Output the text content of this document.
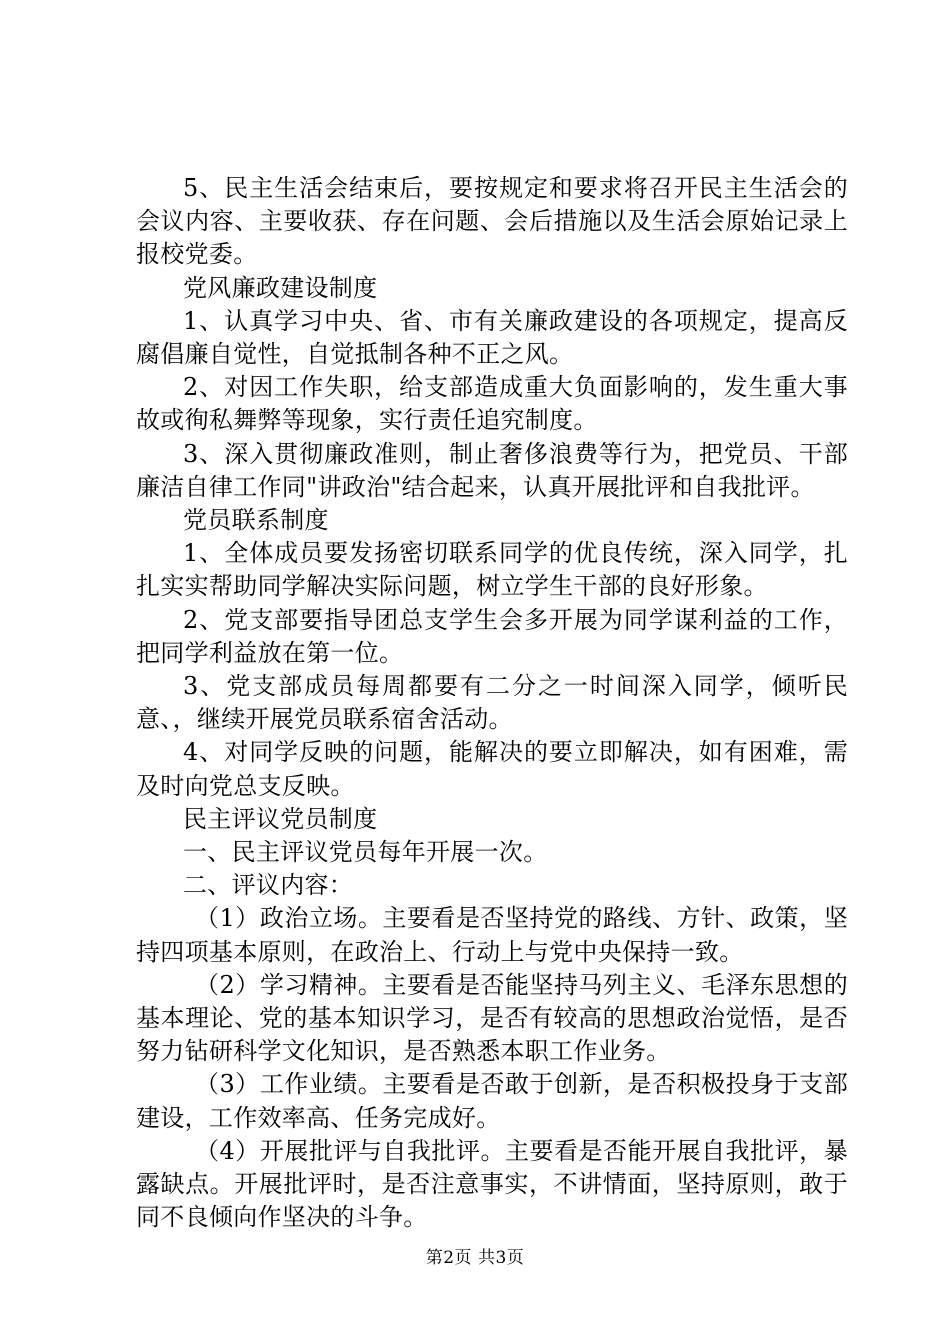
5、民主生活会结束后，要按规定和要求将召开民主生活会的会议内容、主要收获、存在问题、会后措施以及生活会原始记录上报校党委。

党风廉政建设制度

1、认真学习中央、省、市有关廉政建设的各项规定，提高反腐倡廉自觉性，自觉抵制各种不正之风。

2、对因工作失职，给支部造成重大负面影响的，发生重大事故或徇私舞弊等现象，实行责任追究制度。

3、深入贯彻廉政准则，制止奢侈浪费等行为，把党员、干部廉洁自律工作同"讲政治"结合起来，认真开展批评和自我批评。

党员联系制度

1、全体成员要发扬密切联系同学的优良传统，深入同学，扎扎实实帮助同学解决实际问题，树立学生干部的良好形象。

2、党支部要指导团总支学生会多开展为同学谋利益的工作，把同学利益放在第一位。

3、党支部成员每周都要有二分之一时间深入同学，倾听民意、，继续开展党员联系宿舍活动。

4、对同学反映的问题，能解决的要立即解决，如有困难，需及时向党总支反映。

民主评议党员制度

一、民主评议党员每年开展一次。

二、评议内容：

（1）政治立场。主要看是否坚持党的路线、方针、政策，坚持四项基本原则，在政治上、行动上与党中央保持一致。

（2）学习精神。主要看是否能坚持马列主义、毛泽东思想的基本理论、党的基本知识学习，是否有较高的思想政治觉悟，是否努力钻研科学文化知识，是否熟悉本职工作业务。

（3）工作业绩。主要看是否敢于创新，是否积极投身于支部建设，工作效率高、任务完成好。

（4）开展批评与自我批评。主要看是否能开展自我批评，暴露缺点。开展批评时，是否注意事实，不讲情面，坚持原则，敢于同不良倾向作坚决的斗争。

第2页 共3页
